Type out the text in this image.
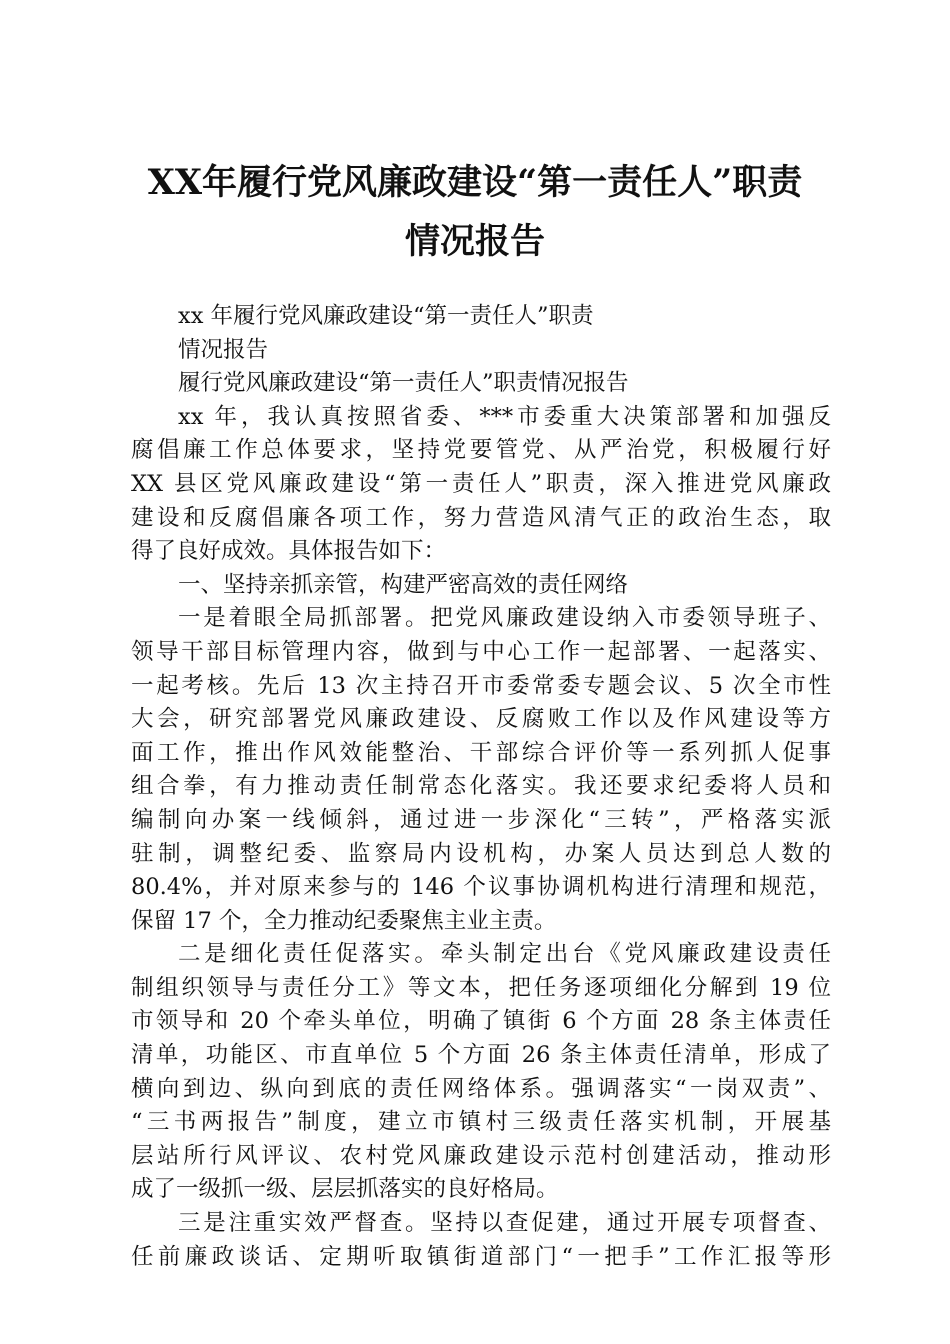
XX年履行党风廉政建设“第一责任人”职责
情况报告
xx 年履行党风廉政建设“第一责任人”职责
情况报告
履行党风廉政建设“第一责任人”职责情况报告
xx 年，我认真按照省委、***市委重大决策部署和加强反
腐倡廉工作总体要求，坚持党要管党、从严治党，积极履行好
XX 县区党风廉政建设“第一责任人”职责，深入推进党风廉政
建设和反腐倡廉各项工作，努力营造风清气正的政治生态，取
得了良好成效。具体报告如下：
一、坚持亲抓亲管，构建严密高效的责任网络
一是着眼全局抓部署。把党风廉政建设纳入市委领导班子、
领导干部目标管理内容，做到与中心工作一起部署、一起落实、
一起考核。先后 13 次主持召开市委常委专题会议、5 次全市性
大会，研究部署党风廉政建设、反腐败工作以及作风建设等方
面工作，推出作风效能整治、干部综合评价等一系列抓人促事
组合拳，有力推动责任制常态化落实。我还要求纪委将人员和
编制向办案一线倾斜，通过进一步深化“三转”，严格落实派
驻制，调整纪委、监察局内设机构，办案人员达到总人数的
80.4%，并对原来参与的 146 个议事协调机构进行清理和规范，
保留 17 个，全力推动纪委聚焦主业主责。
二是细化责任促落实。牵头制定出台《党风廉政建设责任
制组织领导与责任分工》等文本，把任务逐项细化分解到 19 位
市领导和 20 个牵头单位，明确了镇街 6 个方面 28 条主体责任
清单，功能区、市直单位 5 个方面 26 条主体责任清单，形成了
横向到边、纵向到底的责任网络体系。强调落实“一岗双责”、
“三书两报告”制度，建立市镇村三级责任落实机制，开展基
层站所行风评议、农村党风廉政建设示范村创建活动，推动形
成了一级抓一级、层层抓落实的良好格局。
三是注重实效严督查。坚持以查促建，通过开展专项督查、
任前廉政谈话、定期听取镇街道部门“一把手”工作汇报等形
